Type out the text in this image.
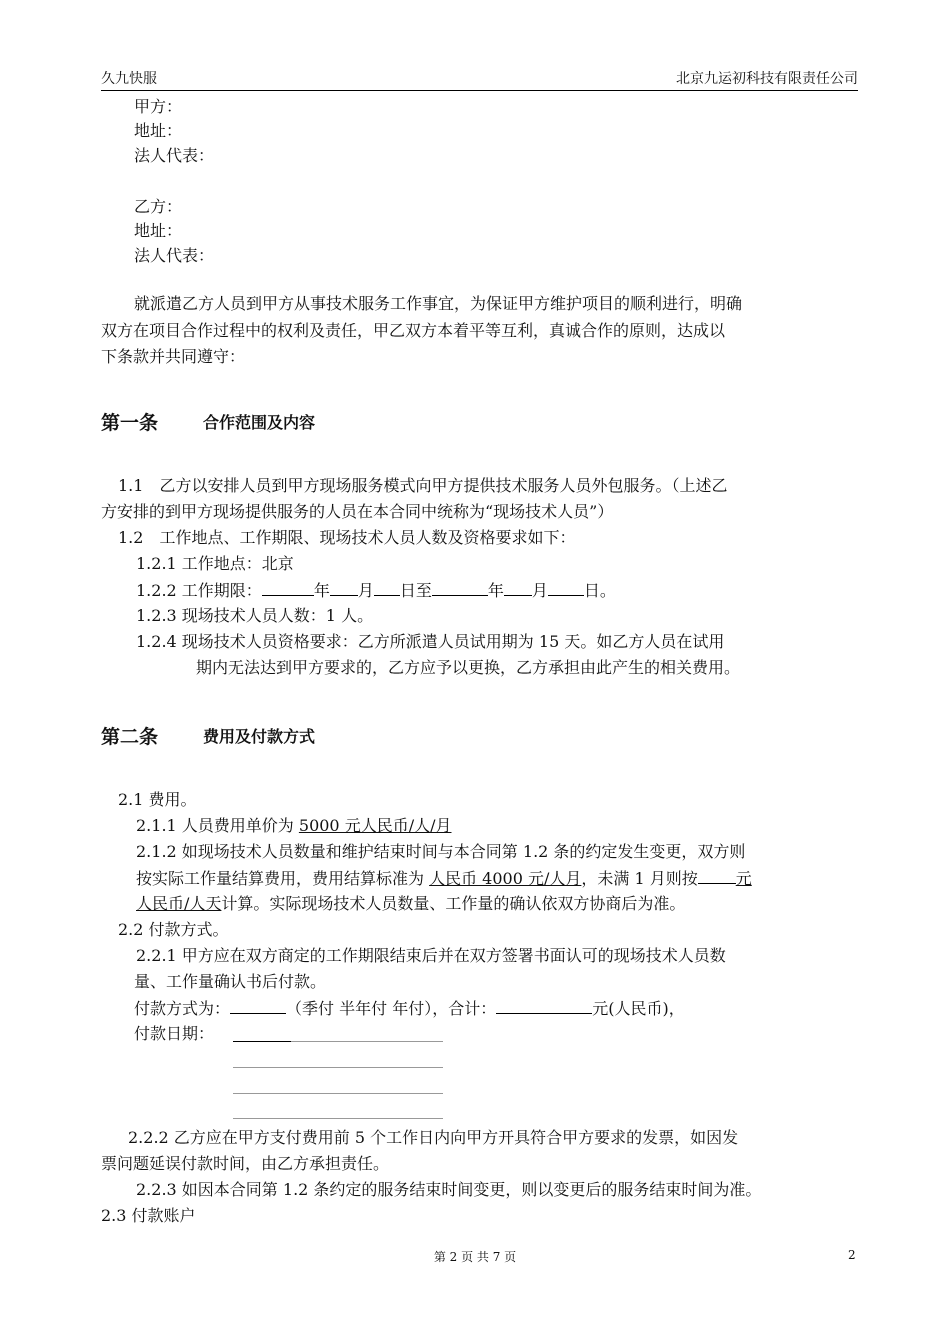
久九快服	北京九运初科技有限责任公司
甲方：
地址：
法人代表：
乙方：
地址：
法人代表：
就派遣乙方人员到甲方从事技术服务工作事宜，为保证甲方维护项目的顺利进行，明确
双方在项目合作过程中的权利及责任，甲乙双方本着平等互利，真诚合作的原则，达成以
下条款并共同遵守：
第一条	合作范围及内容
1.1　乙方以安排人员到甲方现场服务模式向甲方提供技术服务人员外包服务。（上述乙
方安排的到甲方现场提供服务的人员在本合同中统称为“现场技术人员”）
1.2　工作地点、工作期限、现场技术人员人数及资格要求如下：
1.2.1 工作地点：北京
1.2.2 工作期限：	年 月 日至	年 月 日。
1.2.3 现场技术人员人数：1 人。
1.2.4 现场技术人员资格要求：乙方所派遣人员试用期为 15 天。如乙方人员在试用
期内无法达到甲方要求的，乙方应予以更换，乙方承担由此产生的相关费用。
第二条	费用及付款方式
2.1 费用。
2.1.1 人员费用单价为 5000 元人民币/人/月
2.1.2 如现场技术人员数量和维护结束时间与本合同第 1.2 条的约定发生变更，双方则
按实际工作量结算费用，费用结算标准为 人民币 4000 元/人月，未满 1 月则按 元
人民币/人天计算。实际现场技术人员数量、工作量的确认依双方协商后为准。
2.2 付款方式。
2.2.1 甲方应在双方商定的工作期限结束后并在双方签署书面认可的现场技术人员数
量、工作量确认书后付款。
付款方式为：	（季付 半年付 年付），合计：	元(人民币)，
付款日期：
2.2.2 乙方应在甲方支付费用前 5 个工作日内向甲方开具符合甲方要求的发票，如因发
票问题延误付款时间，由乙方承担责任。
2.2.3 如因本合同第 1.2 条约定的服务结束时间变更，则以变更后的服务结束时间为准。
2.3 付款账户
第 2 页 共 7 页	2
